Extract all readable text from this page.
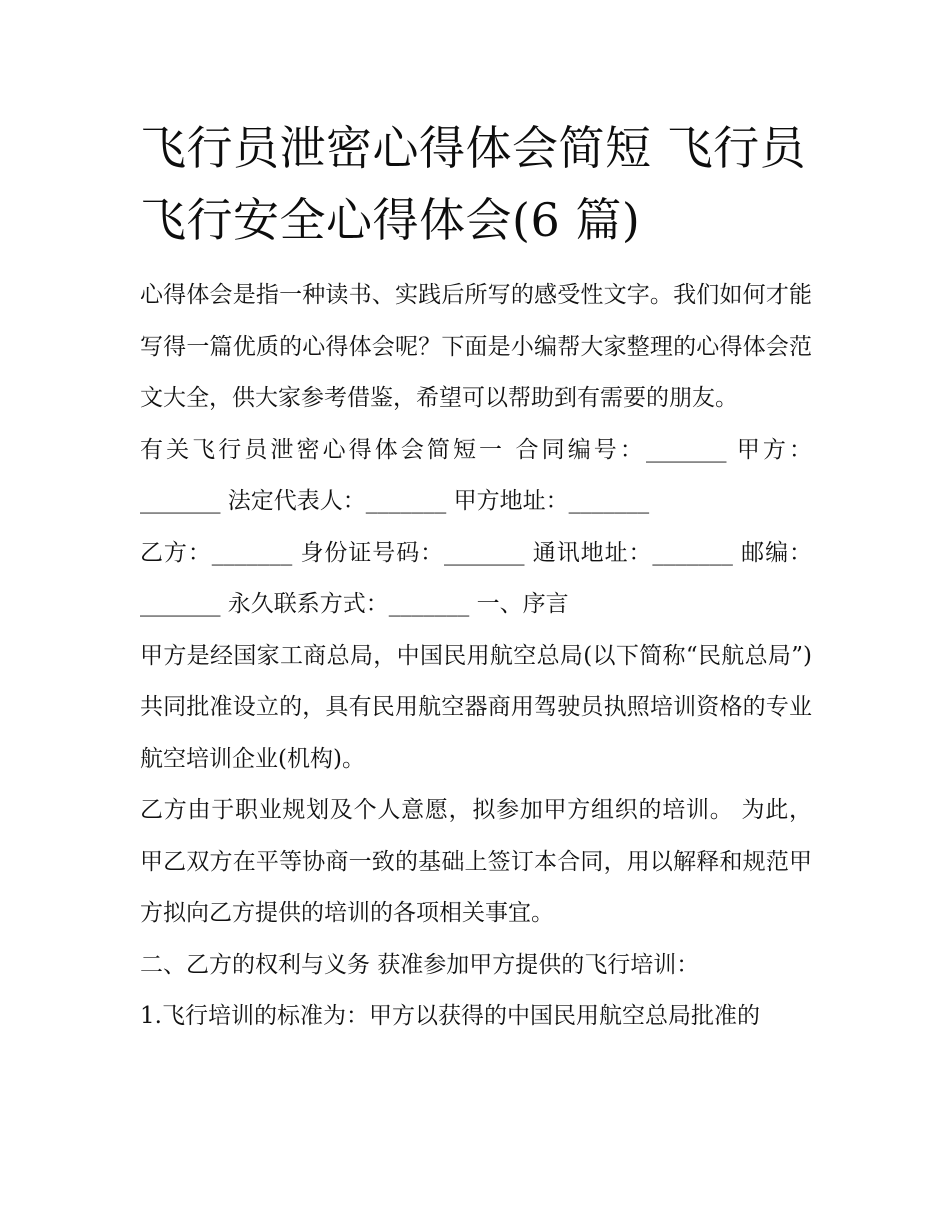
飞行员泄密心得体会简短 飞行员飞行安全心得体会(6 篇)

心得体会是指一种读书、实践后所写的感受性文字。我们如何才能写得一篇优质的心得体会呢？下面是小编帮大家整理的心得体会范文大全，供大家参考借鉴，希望可以帮助到有需要的朋友。

有关飞行员泄密心得体会简短一 合同编号：_______ 甲方：_______ 法定代表人：_______ 甲方地址：_______

乙方：_______ 身份证号码：_______ 通讯地址：_______ 邮编：_______ 永久联系方式：_______ 一、序言

甲方是经国家工商总局，中国民用航空总局(以下简称“民航总局”)共同批准设立的，具有民用航空器商用驾驶员执照培训资格的专业航空培训企业(机构)。

乙方由于职业规划及个人意愿，拟参加甲方组织的培训。 为此，甲乙双方在平等协商一致的基础上签订本合同，用以解释和规范甲方拟向乙方提供的培训的各项相关事宜。

二、乙方的权利与义务 获准参加甲方提供的飞行培训：

1.飞行培训的标准为：甲方以获得的中国民用航空总局批准的
